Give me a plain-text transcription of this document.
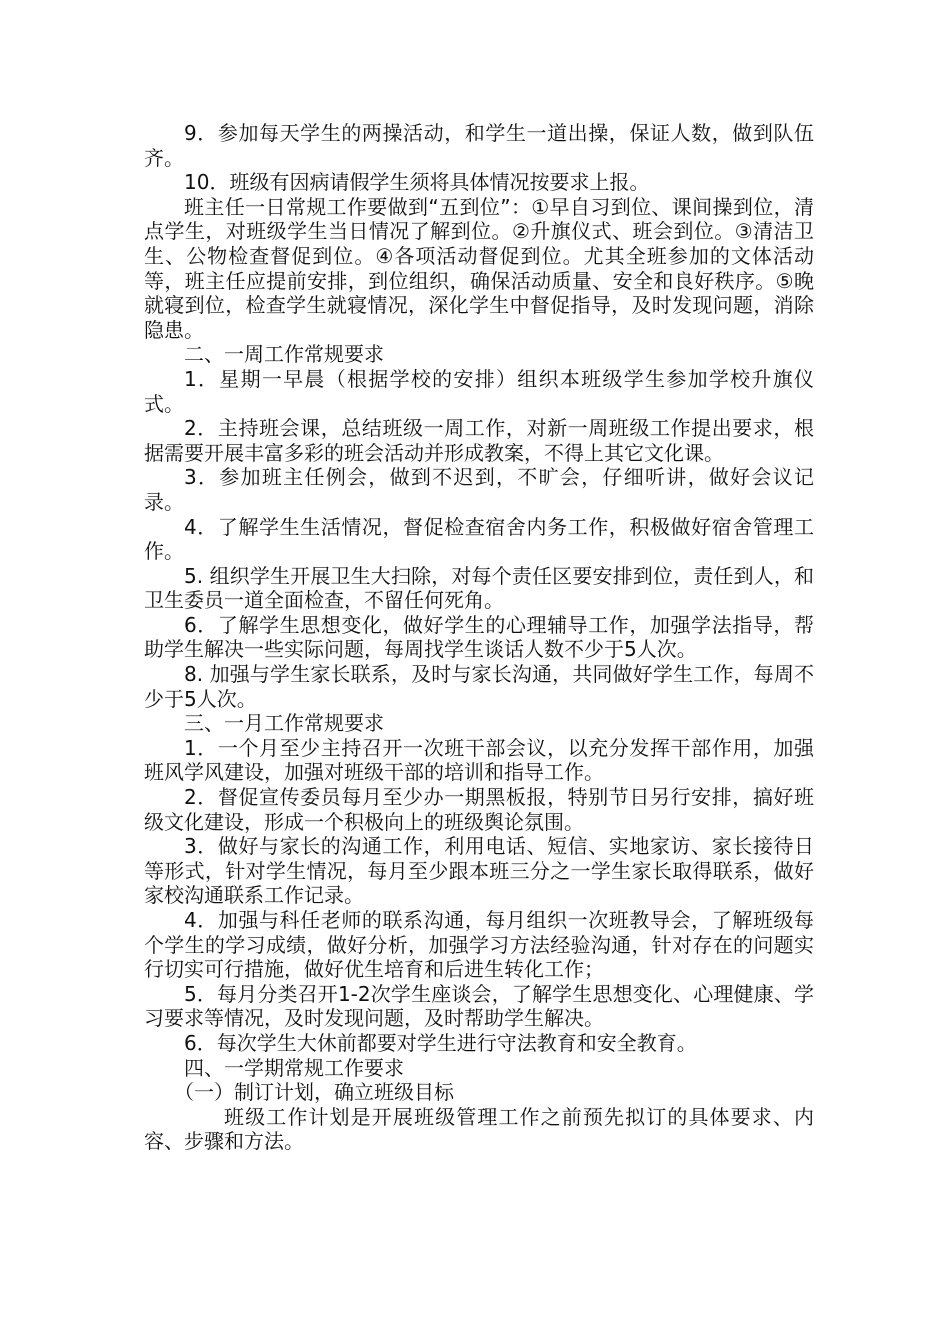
9．参加每天学生的两操活动，和学生一道出操，保证人数，做到队伍齐。

10．班级有因病请假学生须将具体情况按要求上报。

班主任一日常规工作要做到“五到位”：①早自习到位、课间操到位，清点学生，对班级学生当日情况了解到位。②升旗仪式、班会到位。③清洁卫生、公物检查督促到位。④各项活动督促到位。尤其全班参加的文体活动等，班主任应提前安排，到位组织，确保活动质量、安全和良好秩序。⑤晚就寝到位，检查学生就寝情况，深化学生中督促指导，及时发现问题，消除隐患。

二、一周工作常规要求

1．星期一早晨（根据学校的安排）组织本班级学生参加学校升旗仪式。

2．主持班会课，总结班级一周工作，对新一周班级工作提出要求，根据需要开展丰富多彩的班会活动并形成教案，不得上其它文化课。

3．参加班主任例会，做到不迟到，不旷会，仔细听讲，做好会议记录。

4．了解学生生活情况，督促检查宿舍内务工作，积极做好宿舍管理工作。

5. 组织学生开展卫生大扫除，对每个责任区要安排到位，责任到人，和卫生委员一道全面检查，不留任何死角。

6．了解学生思想变化，做好学生的心理辅导工作，加强学法指导，帮助学生解决一些实际问题，每周找学生谈话人数不少于5人次。

8. 加强与学生家长联系，及时与家长沟通，共同做好学生工作，每周不少于5人次。

三、一月工作常规要求

1．一个月至少主持召开一次班干部会议，以充分发挥干部作用，加强班风学风建设，加强对班级干部的培训和指导工作。

2．督促宣传委员每月至少办一期黑板报，特别节日另行安排，搞好班级文化建设，形成一个积极向上的班级舆论氛围。

3．做好与家长的沟通工作，利用电话、短信、实地家访、家长接待日等形式，针对学生情况，每月至少跟本班三分之一学生家长取得联系，做好家校沟通联系工作记录。

4．加强与科任老师的联系沟通，每月组织一次班教导会，了解班级每个学生的学习成绩，做好分析，加强学习方法经验沟通，针对存在的问题实行切实可行措施，做好优生培育和后进生转化工作；

5．每月分类召开1-2次学生座谈会，了解学生思想变化、心理健康、学习要求等情况，及时发现问题，及时帮助学生解决。

6．每次学生大休前都要对学生进行守法教育和安全教育。

四、一学期常规工作要求

（一）制订计划，确立班级目标

班级工作计划是开展班级管理工作之前预先拟订的具体要求、内容、步骤和方法。
